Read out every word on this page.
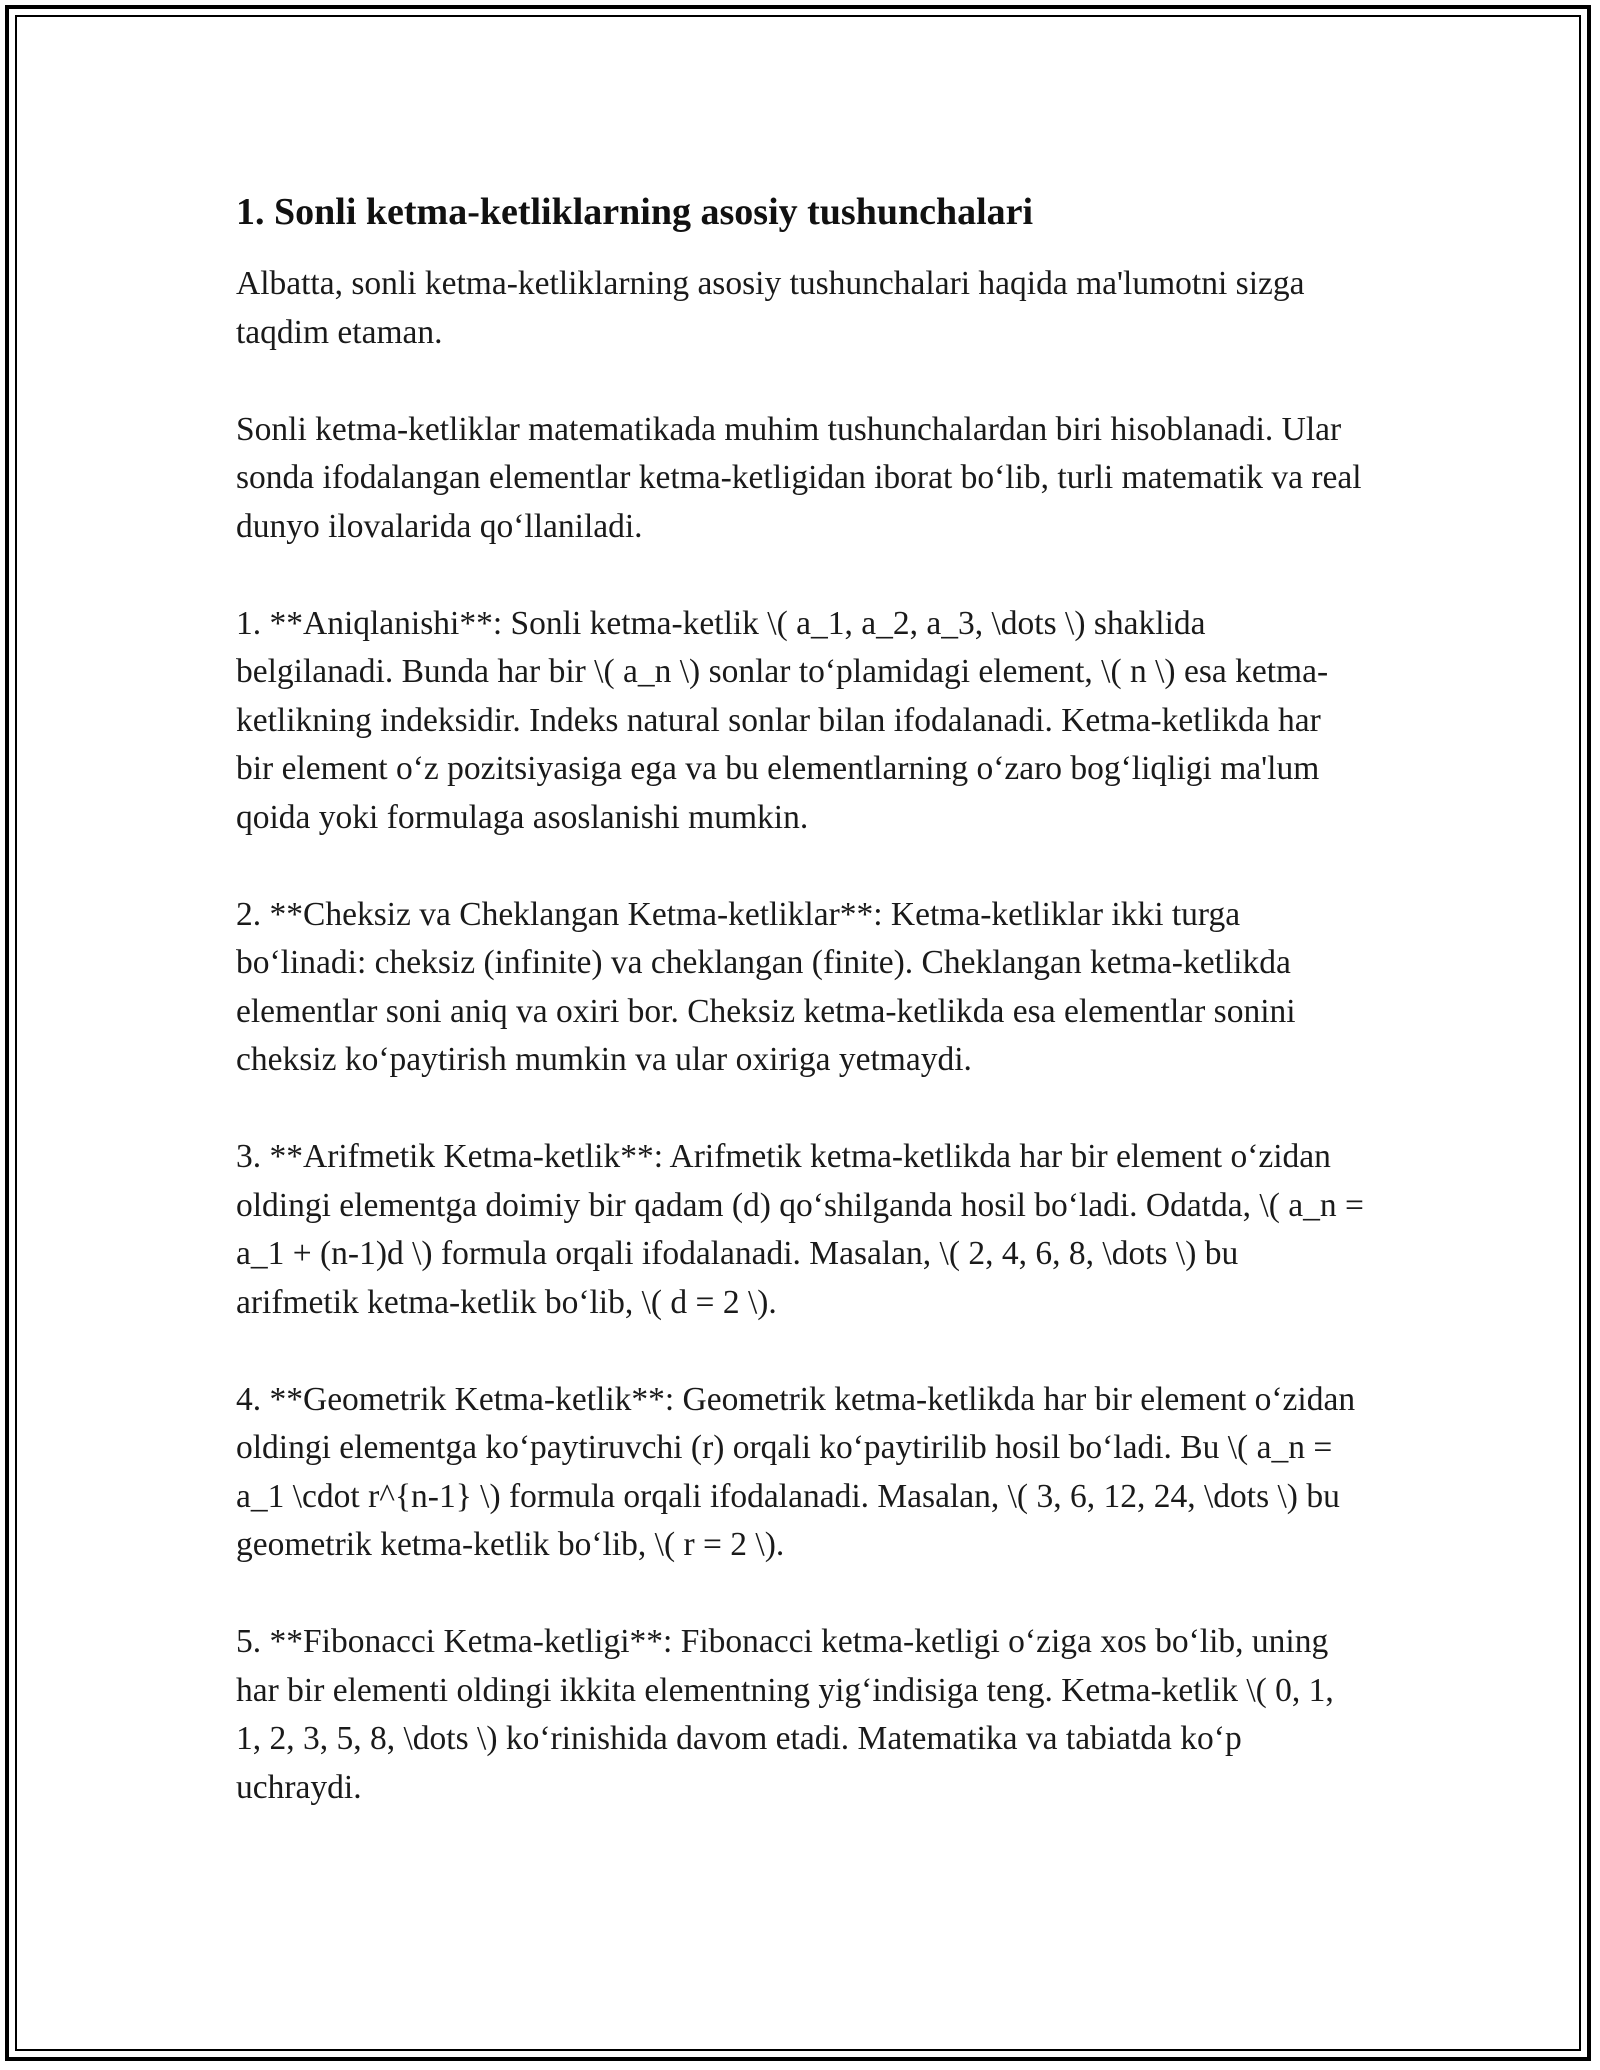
1. Sonli ketma-ketliklarning asosiy tushunchalari

Albatta, sonli ketma-ketliklarning asosiy tushunchalari haqida ma'lumotni sizga taqdim etaman.

Sonli ketma-ketliklar matematikada muhim tushunchalardan biri hisoblanadi. Ular sonda ifodalangan elementlar ketma-ketligidan iborat bo‘lib, turli matematik va real dunyo ilovalarida qo‘llaniladi.

1. **Aniqlanishi**: Sonli ketma-ketlik \( a_1, a_2, a_3, \dots \) shaklida belgilanadi. Bunda har bir \( a_n \) sonlar to‘plamidagi element, \( n \) esa ketma-ketlikning indeksidir. Indeks natural sonlar bilan ifodalanadi. Ketma-ketlikda har bir element o‘z pozitsiyasiga ega va bu elementlarning o‘zaro bog‘liqligi ma'lum qoida yoki formulaga asoslanishi mumkin.

2. **Cheksiz va Cheklangan Ketma-ketliklar**: Ketma-ketliklar ikki turga bo‘linadi: cheksiz (infinite) va cheklangan (finite). Cheklangan ketma-ketlikda elementlar soni aniq va oxiri bor. Cheksiz ketma-ketlikda esa elementlar sonini cheksiz ko‘paytirish mumkin va ular oxiriga yetmaydi.

3. **Arifmetik Ketma-ketlik**: Arifmetik ketma-ketlikda har bir element o‘zidan oldingi elementga doimiy bir qadam (d) qo‘shilganda hosil bo‘ladi. Odatda, \( a_n = a_1 + (n-1)d \) formula orqali ifodalanadi. Masalan, \( 2, 4, 6, 8, \dots \) bu arifmetik ketma-ketlik bo‘lib, \( d = 2 \).

4. **Geometrik Ketma-ketlik**: Geometrik ketma-ketlikda har bir element o‘zidan oldingi elementga ko‘paytiruvchi (r) orqali ko‘paytirilib hosil bo‘ladi. Bu \( a_n = a_1 \cdot r^{n-1} \) formula orqali ifodalanadi. Masalan, \( 3, 6, 12, 24, \dots \) bu geometrik ketma-ketlik bo‘lib, \( r = 2 \).

5. **Fibonacci Ketma-ketligi**: Fibonacci ketma-ketligi o‘ziga xos bo‘lib, uning har bir elementi oldingi ikkita elementning yig‘indisiga teng. Ketma-ketlik \( 0, 1, 1, 2, 3, 5, 8, \dots \) ko‘rinishida davom etadi. Matematika va tabiatda ko‘p uchraydi.
